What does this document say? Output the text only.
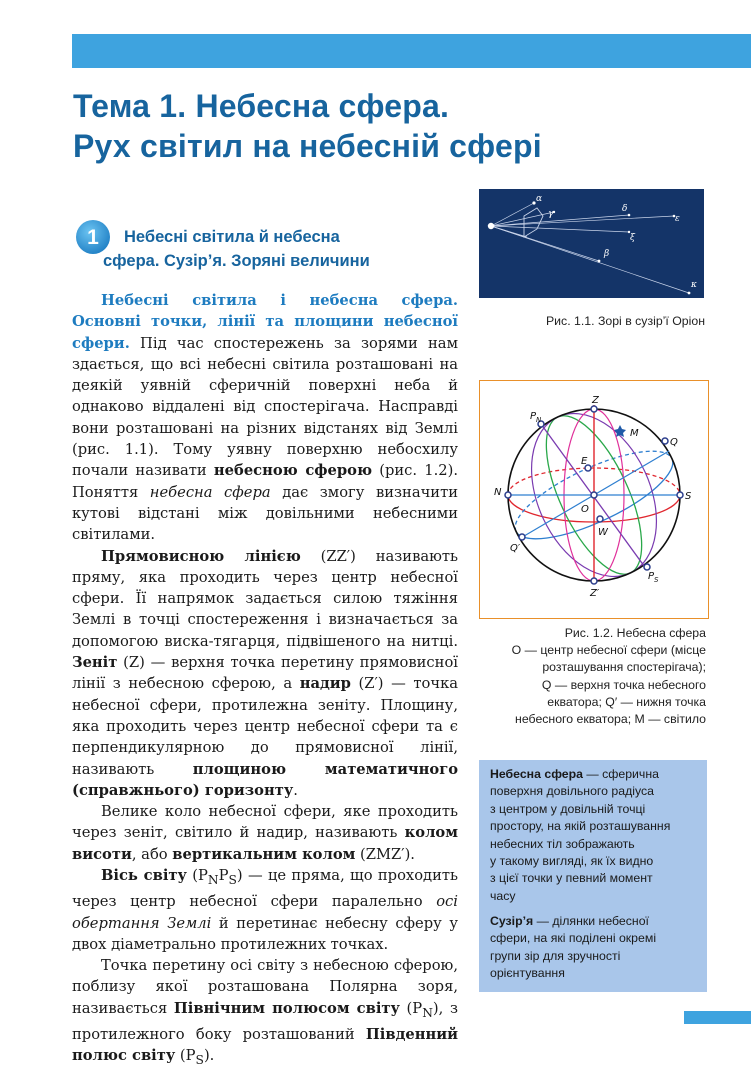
Тема 1. Небесна сфера.
Рух світил на небесній сфері
1	Небесні світила й небесна
сфера. Сузір’я. Зоряні величини

Небесні світила і небесна сфера. Основні точки, лінії та площини небесної сфери. Під час спостережень за зорями нам здається, що всі небесні світила розташовані на деякій уявній сферичній поверхні неба й однаково віддалені від спостерігача. Насправді вони розташовані на різних відстанях від Землі (рис. 1.1). Тому уявну поверхню небосхилу почали називати небесною сферою (рис. 1.2). Поняття небесна сфера дає змогу визначити кутові відстані між довільними небесними світилами.

Прямовисною лінією (ZZ′) називають пряму, яка проходить через центр небесної сфери. Її напрямок задається силою тяжіння Землі в точці спостереження і визначається за допомогою виска-тягарця, підвішеного на нитці. Зеніт (Z) — верхня точка перетину прямовисної лінії з небесною сферою, а надир (Z′) — точка небесної сфери, протилежна зеніту. Площину, яка проходить через центр небесної сфери та є перпендикулярною до прямовисної лінії, називають площиною математичного (справжнього) горизонту.

Велике коло небесної сфери, яке проходить через зеніт, світило й надир, називають колом висоти, або вертикальним колом (ZMZ′).

Вісь світу $(P_NP_S)$ — це пряма, що проходить через центр небесної сфери паралельно осі обертання Землі й перетинає небесну сферу у двох діаметрально протилежних точках.

Точка перетину осі світу з небесною сферою, поблизу якої розташована Полярна зоря, називається Північним полюсом світу $(P_N)$, з протилежного боку розташований Південний полюс світу $(P_S)$.

α
γ	δ
ε
ξ
β
κ
Рис. 1.1. Зорі в сузір’ї Оріон
Z
Z′
$P_N$
$P_S$
M
Q
Q′
N	S
E
W
O
Рис. 1.2. Небесна сфера
O — центр небесної сфери (місце
розташування спостерігача);
Q — верхня точка небесного
екватора; Q′ — нижня точка
небесного екватора; M — світило
Небесна сфера — сферична
поверхня довільного радіуса
з центром у довільній точці
простору, на якій розташування
небесних тіл зображають
у такому вигляді, як їх видно
з цієї точки у певний момент
часу
Сузір’я — ділянки небесної
сфери, на які поділені окремі
групи зір для зручності
орієнтування
